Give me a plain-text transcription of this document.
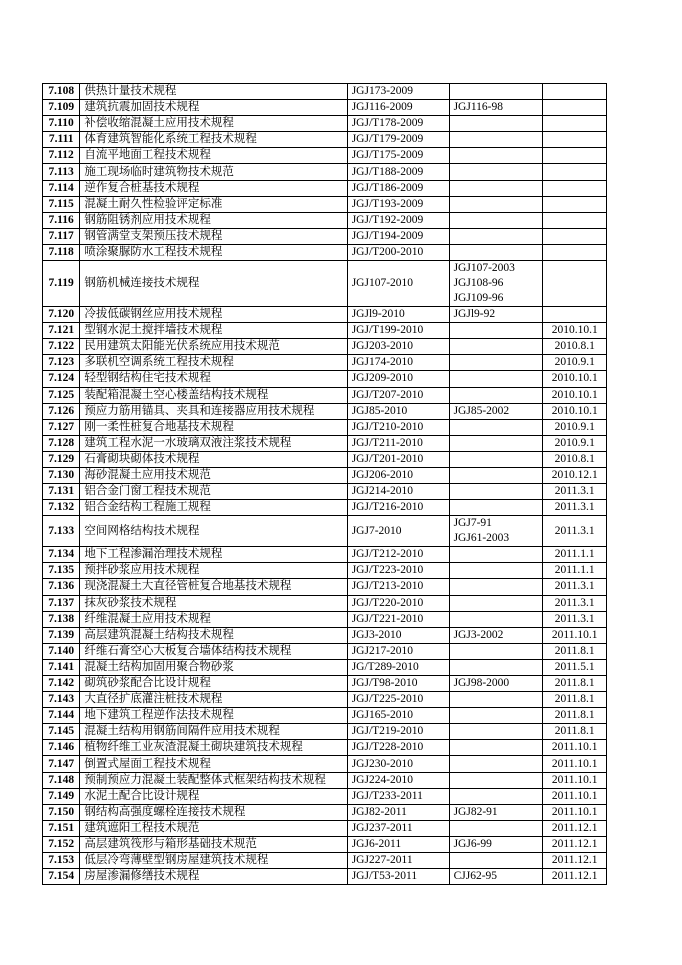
7.108	供热计量技术规程	JGJ173-2009		
7.109	建筑抗震加固技术规程	JGJ116-2009	JGJ116-98	

7.110	补偿收缩混凝土应用技术规程	JGJ/T178-2009		
7.111	体育建筑智能化系统工程技术规程	JGJ/T179-2009		
7.112	自流平地面工程技术规程	JGJ/T175-2009		
7.113	施工现场临时建筑物技术规范	JGJ/T188-2009		
7.114	逆作复合桩基技术规程	JGJ/T186-2009		
7.115	混凝土耐久性检验评定标准	JGJ/T193-2009		
7.116	钢筋阻锈剂应用技术规程	JGJ/T192-2009		
7.117	钢管满堂支架预压技术规程	JGJ/T194-2009		
7.118	喷涂聚脲防水工程技术规程	JGJ/T200-2010		
7.119	钢筋机械连接技术规程	JGJ107-2010	JGJ107-2003
JGJ108-96
JGJ109-96	

7.120	冷拔低碳钢丝应用技术规程	JGJl9-2010	JGJl9-92	

7.121	型钢水泥土搅拌墙技术规程	JGJ/T199-2010		2010.10.1
7.122	民用建筑太阳能光伏系统应用技术规范	JGJ203-2010		2010.8.1
7.123	多联机空调系统工程技术规程	JGJ174-2010		2010.9.1
7.124	轻型钢结构住宅技术规程	JGJ209-2010		2010.10.1
7.125	装配箱混凝土空心楼盖结构技术规程	JGJ/T207-2010		2010.10.1
7.126	预应力筋用锚具、夹具和连接器应用技术规程	JGJ85-2010	JGJ85-2002	2010.10.1
7.127	刚一柔性桩复合地基技术规程	JGJ/T210-2010		2010.9.1
7.128	建筑工程水泥一水玻璃双液注浆技术规程	JGJ/T211-2010		2010.9.1
7.129	石膏砌块砌体技术规程	JGJ/T201-2010		2010.8.1
7.130	海砂混凝土应用技术规范	JGJ206-2010		2010.12.1
7.131	铝合金门窗工程技术规范	JGJ214-2010		2011.3.1
7.132	铝合金结构工程施工规程	JGJ/T216-2010		2011.3.1
7.133	空间网格结构技术规程	JGJ7-2010	JGJ7-91
JGJ61-2003	2011.3.1
7.134	地下工程渗漏治理技术规程	JGJ/T212-2010		2011.1.1
7.135	预拌砂浆应用技术规程	JGJ/T223-2010		2011.1.1
7.136	现浇混凝土大直径管桩复合地基技术规程	JGJ/T213-2010		2011.3.1
7.137	抹灰砂浆技术规程	JGJ/T220-2010		2011.3.1
7.138	纤维混凝土应用技术规程	JGJ/T221-2010		2011.3.1
7.139	高层建筑混凝土结构技术规程	JGJ3-2010	JGJ3-2002	2011.10.1
7.140	纤维石膏空心大板复合墙体结构技术规程	JGJ217-2010		2011.8.1
7.141	混凝土结构加固用聚合物砂浆	JG/T289-2010		2011.5.1
7.142	砌筑砂浆配合比设计规程	JGJ/T98-2010	JGJ98-2000	2011.8.1
7.143	大直径扩底灌注桩技术规程	JGJ/T225-2010		2011.8.1
7.144	地下建筑工程逆作法技术规程	JGJ165-2010		2011.8.1
7.145	混凝土结构用钢筋间隔件应用技术规程	JGJ/T219-2010		2011.8.1
7.146	植物纤维工业灰渣混凝土砌块建筑技术规程	JGJ/T228-2010		2011.10.1
7.147	倒置式屋面工程技术规程	JGJ230-2010		2011.10.1
7.148	预制预应力混凝土装配整体式框架结构技术规程	JGJ224-2010		2011.10.1
7.149	水泥土配合比设计规程	JGJ/T233-2011		2011.10.1
7.150	钢结构高强度螺栓连接技术规程	JGJ82-2011	JGJ82-91	2011.10.1
7.151	建筑遮阳工程技术规范	JGJ237-2011		2011.12.1
7.152	高层建筑筏形与箱形基础技术规范	JGJ6-2011	JGJ6-99	2011.12.1
7.153	低层冷弯薄壁型钢房屋建筑技术规程	JGJ227-2011		2011.12.1
7.154	房屋渗漏修缮技术规程	JGJ/T53-2011	CJJ62-95	2011.12.1
